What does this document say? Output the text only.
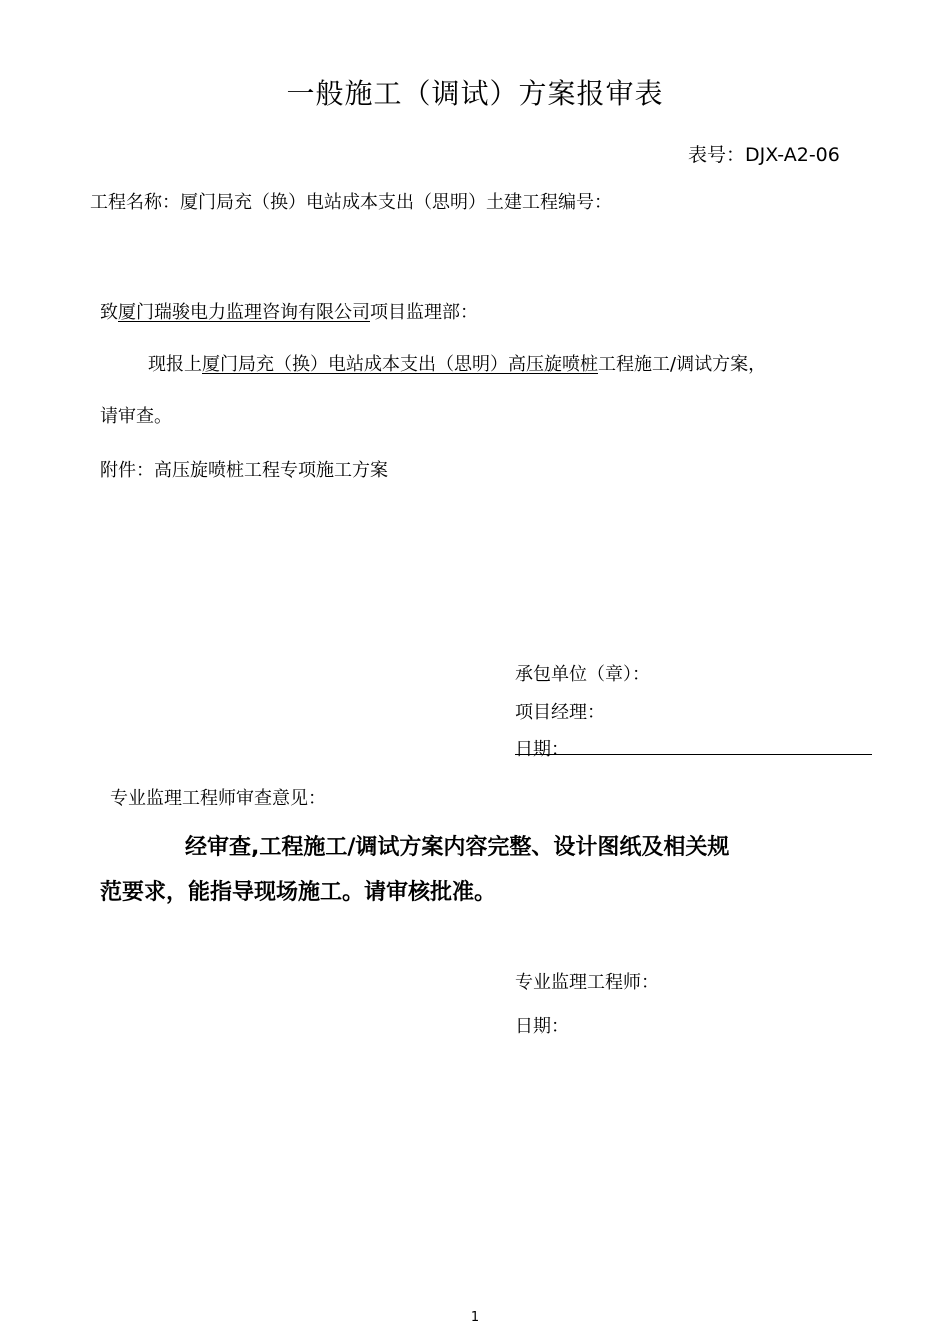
一般施工（调试）方案报审表
表号：DJX-A2-06
工程名称：厦门局充（换）电站成本支出（思明）土建工程编号：
致厦门瑞骏电力监理咨询有限公司项目监理部：
现报上厦门局充（换）电站成本支出（思明）高压旋喷桩工程施工/调试方案，
请审查。
附件：高压旋喷桩工程专项施工方案
承包单位（章）：
项目经理：
日期：
专业监理工程师审查意见：
经审查,工程施工/调试方案内容完整、设计图纸及相关规
范要求，能指导现场施工。请审核批准。
专业监理工程师：
日期：
1
